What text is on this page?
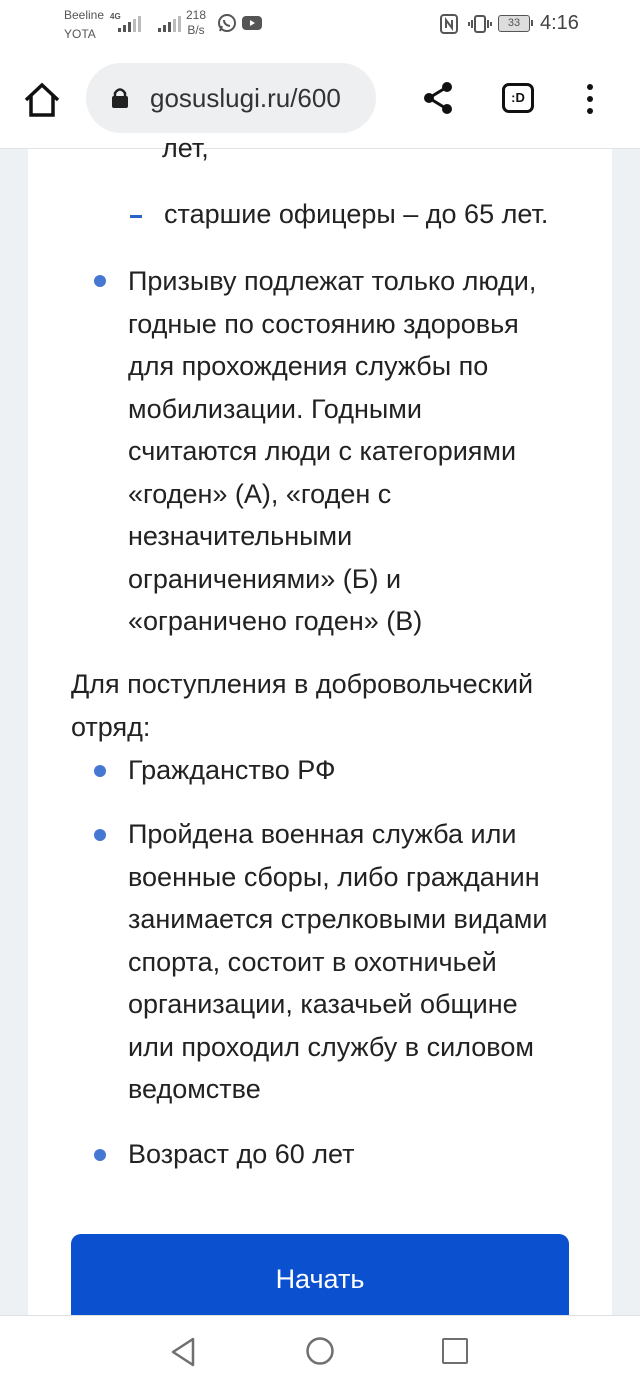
Beeline
YOTA
4G	218
B/s	33 4:16
gosuslugi.ru/600	:D

лет,

старшие офицеры – до 65 лет.

Призыву подлежат только люди,
годные по состоянию здоровья
для прохождения службы по
мобилизации. Годными
считаются люди с категориями
«годен» (А), «годен с
незначительными
ограничениями» (Б) и
«ограничено годен» (В)
Для поступления в добровольческий
отряд:
Гражданство РФ
Пройдена военная служба или
военные сборы, либо гражданин
занимается стрелковыми видами
спорта, состоит в охотничьей
организации, казачьей общине
или проходил службу в силовом
ведомстве
Возраст до 60 лет
Начать
